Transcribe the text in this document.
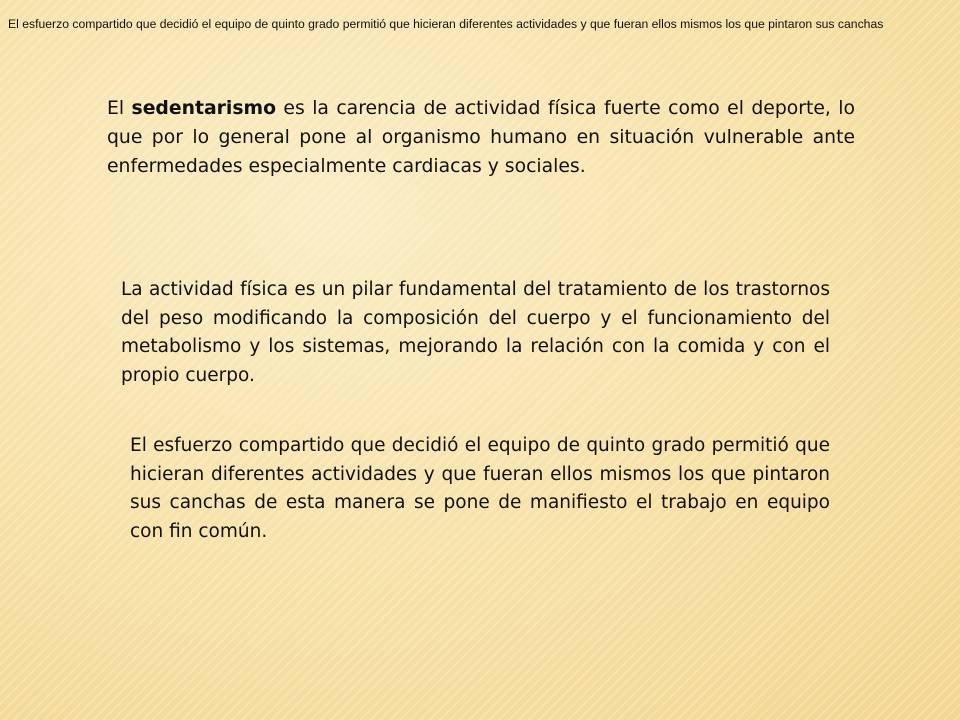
El esfuerzo compartido que decidió el equipo de quinto grado permitió que hicieran diferentes actividades y que fueran ellos mismos los que pintaron sus canchas

El sedentarismo es la carencia de actividad física fuerte como el deporte, lo que por lo general pone al organismo humano en situación vulnerable ante enfermedades especialmente cardiacas y sociales.

La actividad física es un pilar fundamental del tratamiento de los trastornos del peso modificando la composición del cuerpo y el funcionamiento del metabolismo y los sistemas, mejorando la relación con la comida y con el propio cuerpo.

El esfuerzo compartido que decidió el equipo de quinto grado permitió que hicieran diferentes actividades y que fueran ellos mismos los que pintaron sus canchas de esta manera se pone de manifiesto el trabajo en equipo con fin común.
